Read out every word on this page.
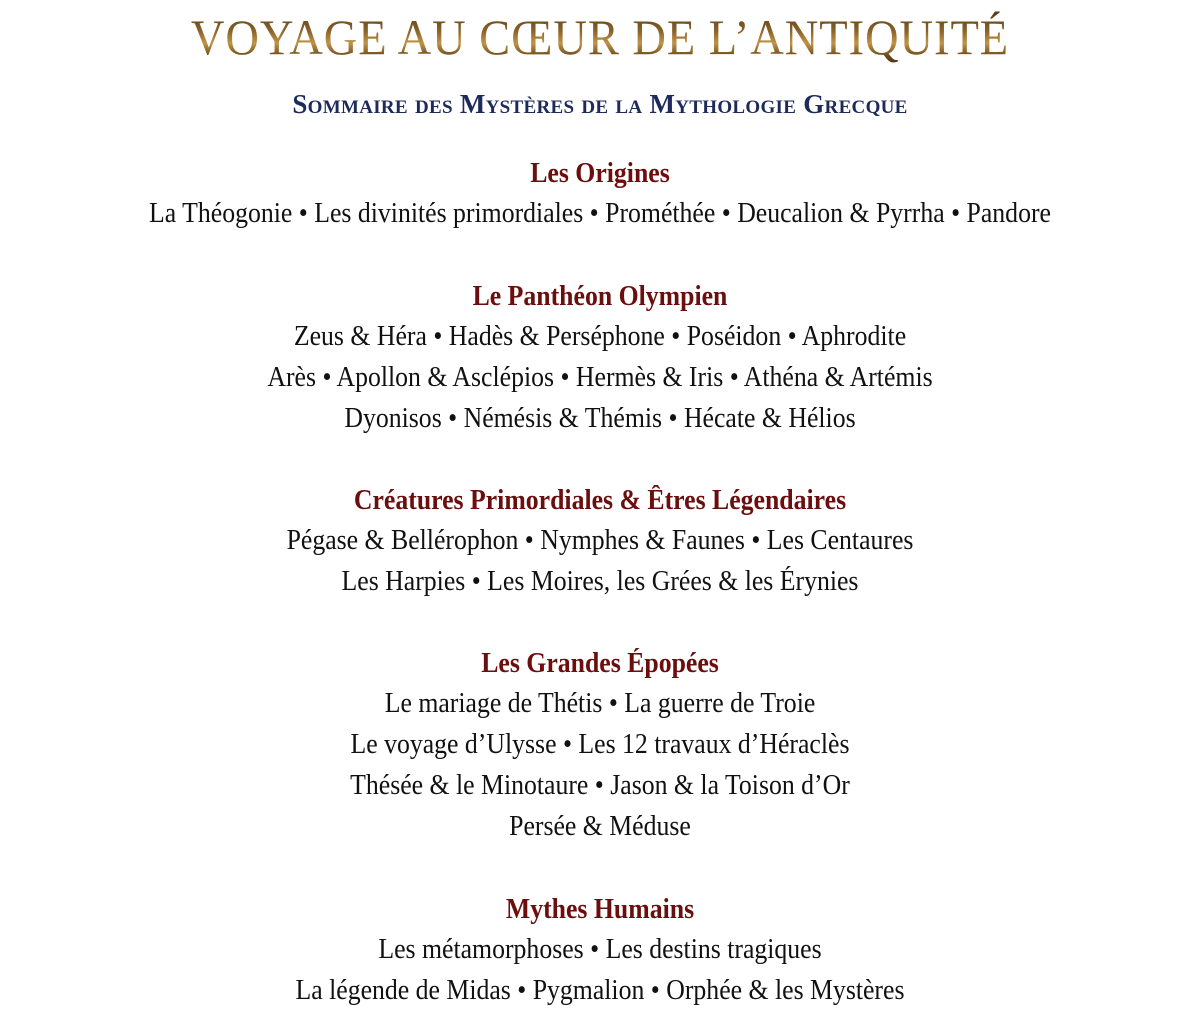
VOYAGE AU CŒUR DE L’ANTIQUITÉ
Sommaire des Mystères de la Mythologie Grecque
Les Origines

La Théogonie • Les divinités primordiales • Prométhée • Deucalion & Pyrrha • Pandore

Le Panthéon Olympien

Zeus & Héra • Hadès & Perséphone • Poséidon • Aphrodite

Arès • Apollon & Asclépios • Hermès & Iris • Athéna & Artémis

Dyonisos • Némésis & Thémis • Hécate & Hélios

Créatures Primordiales & Êtres Légendaires

Pégase & Bellérophon • Nymphes & Faunes • Les Centaures

Les Harpies • Les Moires, les Grées & les Érynies

Les Grandes Épopées

Le mariage de Thétis • La guerre de Troie

Le voyage d’Ulysse • Les 12 travaux d’Héraclès

Thésée & le Minotaure • Jason & la Toison d’Or

Persée & Méduse

Mythes Humains

Les métamorphoses • Les destins tragiques

La légende de Midas • Pygmalion • Orphée & les Mystères
